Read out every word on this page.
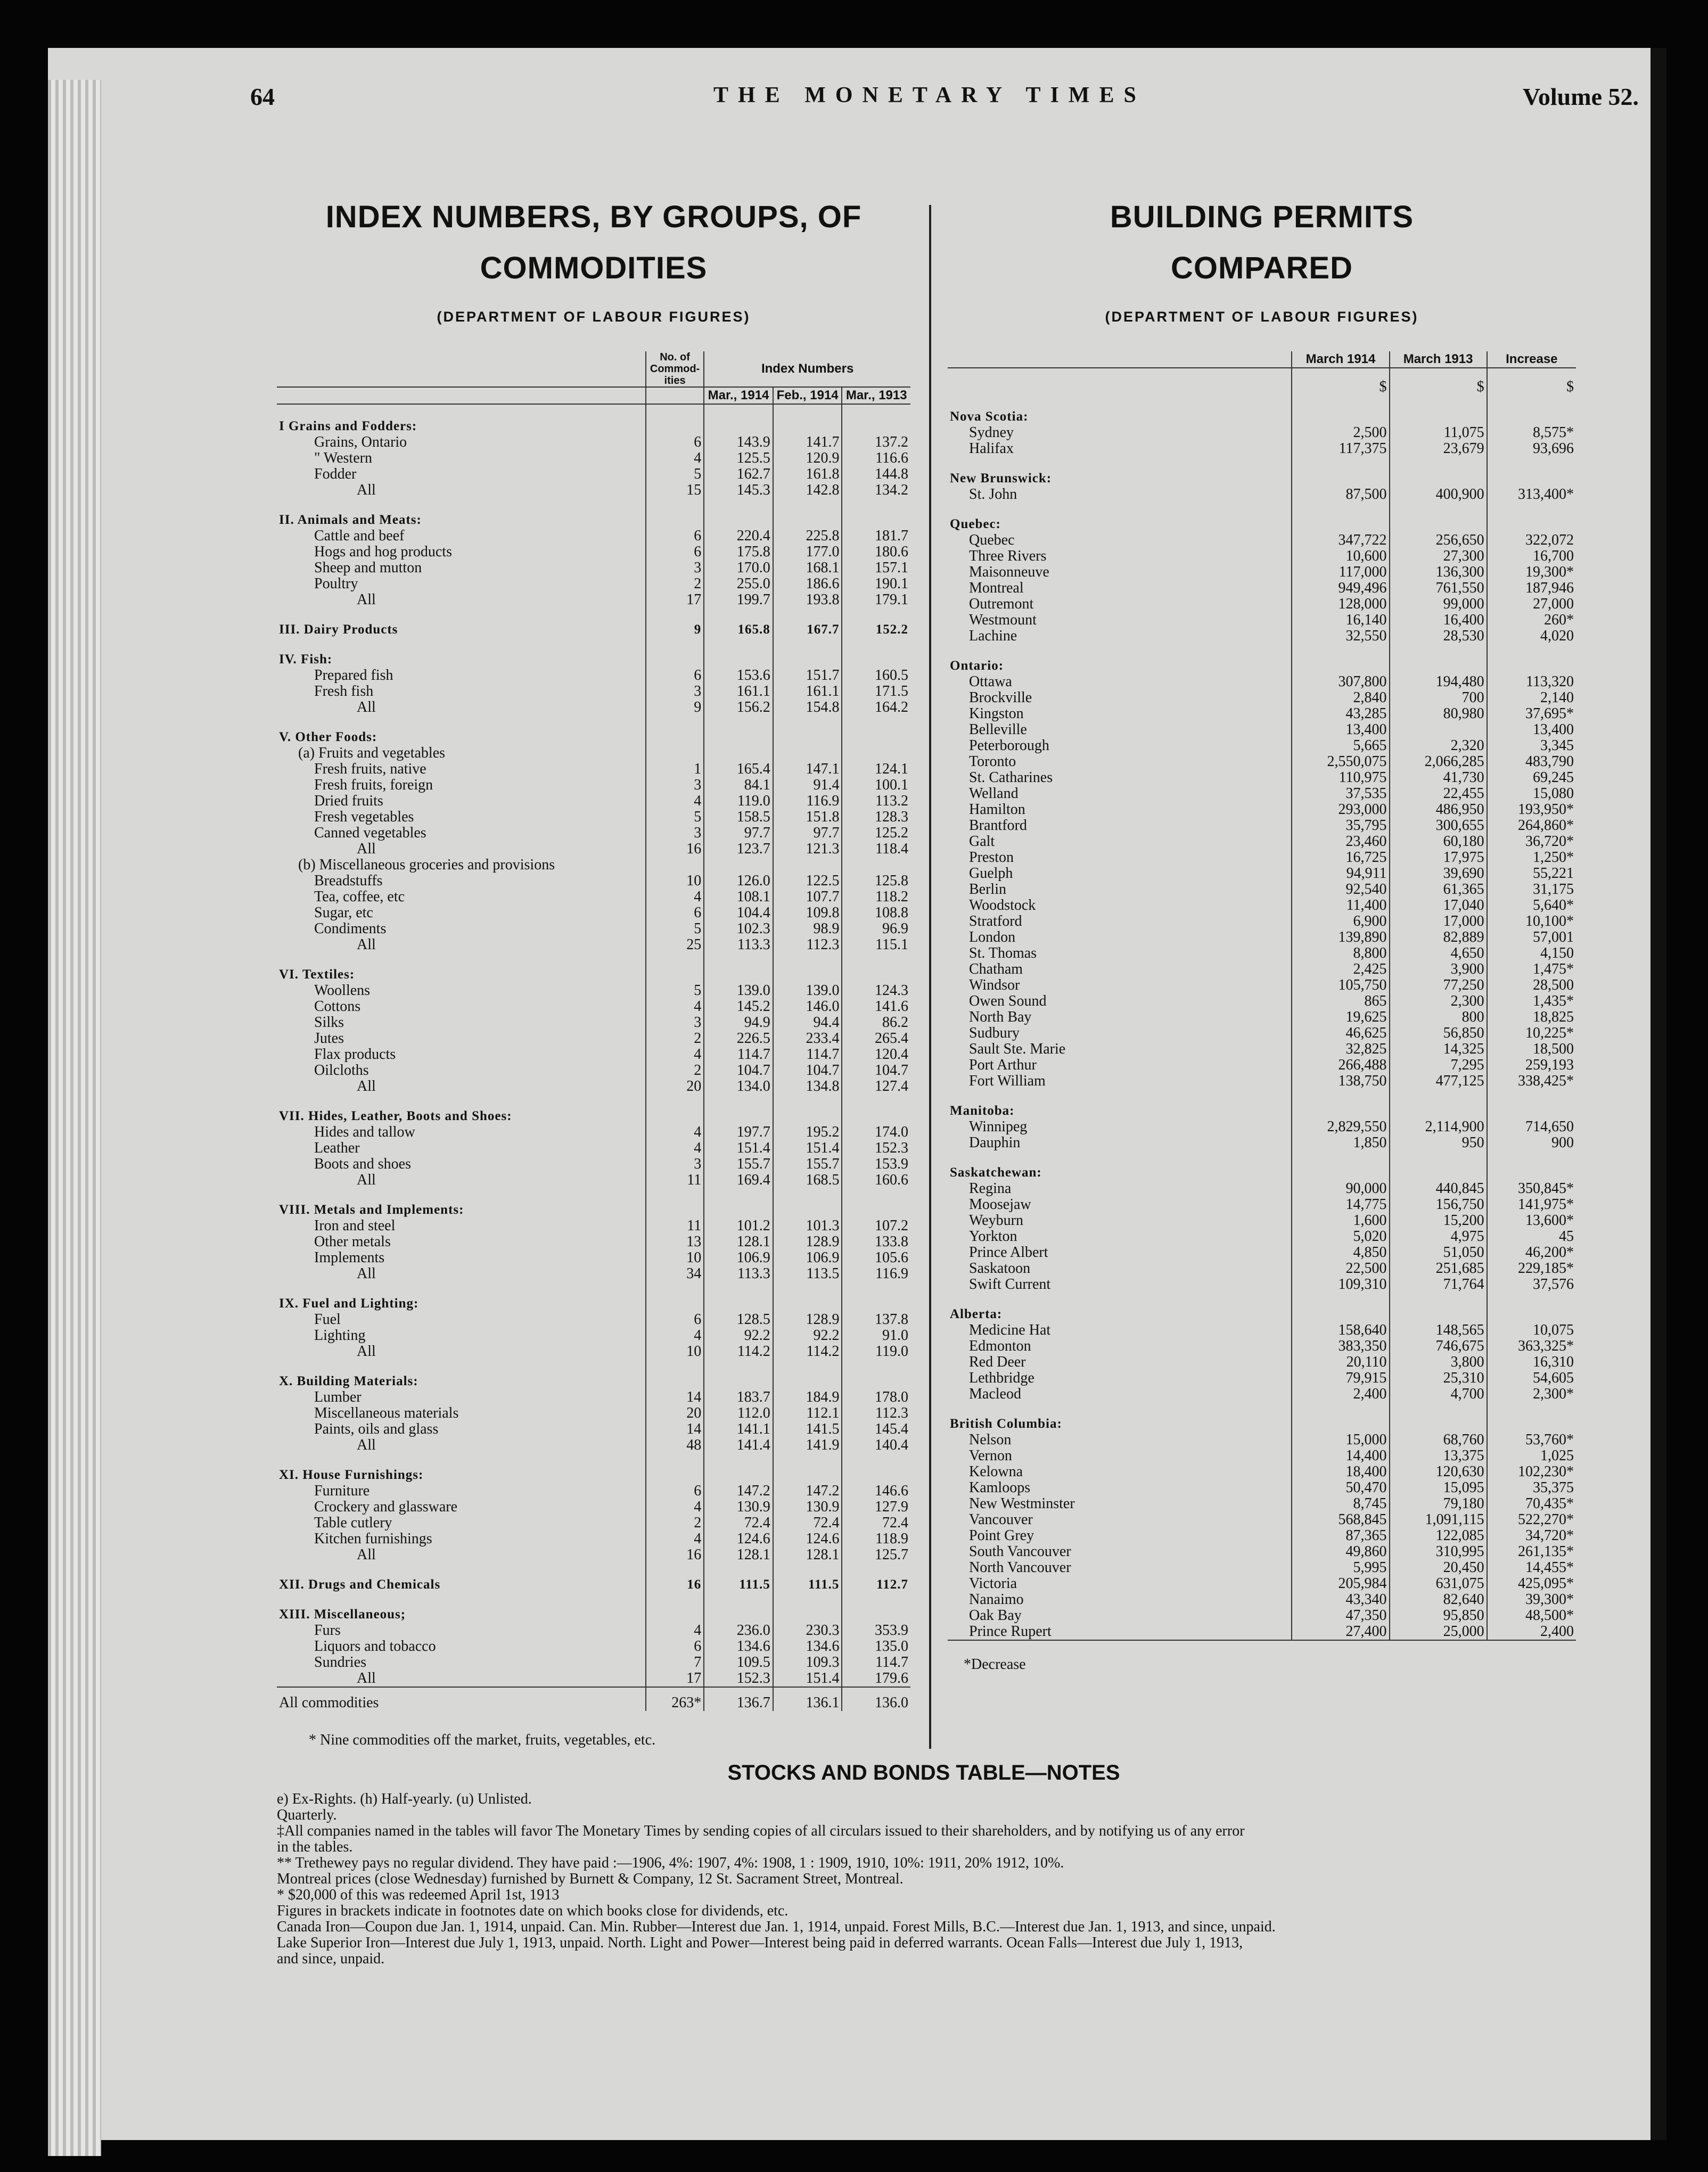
64	THE MONETARY TIMES	Volume 52.
INDEX NUMBERS, BY GROUPS, OF
COMMODITIES
(DEPARTMENT OF LABOUR FIGURES)
	No. of Commod-ities	Index Numbers		
		Mar., 1914	Feb., 1914	Mar., 1913
I Grains and Fodders:				
Grains, Ontario	6	143.9	141.7	137.2
" Western	4	125.5	120.9	116.6
Fodder	5	162.7	161.8	144.8
All	15	145.3	142.8	134.2
II. Animals and Meats:				
Cattle and beef	6	220.4	225.8	181.7
Hogs and hog products	6	175.8	177.0	180.6
Sheep and mutton	3	170.0	168.1	157.1
Poultry	2	255.0	186.6	190.1
All	17	199.7	193.8	179.1
III. Dairy Products	9	165.8	167.7	152.2
IV. Fish:				
Prepared fish	6	153.6	151.7	160.5
Fresh fish	3	161.1	161.1	171.5
All	9	156.2	154.8	164.2
V. Other Foods:				
(a) Fruits and vegetables				
Fresh fruits, native	1	165.4	147.1	124.1
Fresh fruits, foreign	3	84.1	91.4	100.1
Dried fruits	4	119.0	116.9	113.2
Fresh vegetables	5	158.5	151.8	128.3
Canned vegetables	3	97.7	97.7	125.2
All	16	123.7	121.3	118.4
(b) Miscellaneous groceries and provisions				
Breadstuffs	10	126.0	122.5	125.8
Tea, coffee, etc	4	108.1	107.7	118.2
Sugar, etc	6	104.4	109.8	108.8
Condiments	5	102.3	98.9	96.9
All	25	113.3	112.3	115.1
VI. Textiles:				
Woollens	5	139.0	139.0	124.3
Cottons	4	145.2	146.0	141.6
Silks	3	94.9	94.4	86.2
Jutes	2	226.5	233.4	265.4
Flax products	4	114.7	114.7	120.4
Oilcloths	2	104.7	104.7	104.7
All	20	134.0	134.8	127.4
VII. Hides, Leather, Boots and Shoes:				
Hides and tallow	4	197.7	195.2	174.0
Leather	4	151.4	151.4	152.3
Boots and shoes	3	155.7	155.7	153.9
All	11	169.4	168.5	160.6
VIII. Metals and Implements:				
Iron and steel	11	101.2	101.3	107.2
Other metals	13	128.1	128.9	133.8
Implements	10	106.9	106.9	105.6
All	34	113.3	113.5	116.9
IX. Fuel and Lighting:				
Fuel	6	128.5	128.9	137.8
Lighting	4	92.2	92.2	91.0
All	10	114.2	114.2	119.0
X. Building Materials:				
Lumber	14	183.7	184.9	178.0
Miscellaneous materials	20	112.0	112.1	112.3
Paints, oils and glass	14	141.1	141.5	145.4
All	48	141.4	141.9	140.4
XI. House Furnishings:				
Furniture	6	147.2	147.2	146.6
Crockery and glassware	4	130.9	130.9	127.9
Table cutlery	2	72.4	72.4	72.4
Kitchen furnishings	4	124.6	124.6	118.9
All	16	128.1	128.1	125.7
XII. Drugs and Chemicals	16	111.5	111.5	112.7
XIII. Miscellaneous;				
Furs	4	236.0	230.3	353.9
Liquors and tobacco	6	134.6	134.6	135.0
Sundries	7	109.5	109.3	114.7
All	17	152.3	151.4	179.6
All commodities	263*	136.7	136.1	136.0
* Nine commodities off the market, fruits, vegetables, etc.				
BUILDING PERMITS
COMPARED
(DEPARTMENT OF LABOUR FIGURES)
	March 1914	March 1913	Increase
	$	$	$
Nova Scotia:			
Sydney	2,500	11,075	8,575*
Halifax	117,375	23,679	93,696
New Brunswick:			
St. John	87,500	400,900	313,400*
Quebec:			
Quebec	347,722	256,650	322,072
Three Rivers	10,600	27,300	16,700
Maisonneuve	117,000	136,300	19,300*
Montreal	949,496	761,550	187,946
Outremont	128,000	99,000	27,000
Westmount	16,140	16,400	260*
Lachine	32,550	28,530	4,020
Ontario:			
Ottawa	307,800	194,480	113,320
Brockville	2,840	700	2,140
Kingston	43,285	80,980	37,695*
Belleville	13,400		13,400
Peterborough	5,665	2,320	3,345
Toronto	2,550,075	2,066,285	483,790
St. Catharines	110,975	41,730	69,245
Welland	37,535	22,455	15,080
Hamilton	293,000	486,950	193,950*
Brantford	35,795	300,655	264,860*
Galt	23,460	60,180	36,720*
Preston	16,725	17,975	1,250*
Guelph	94,911	39,690	55,221
Berlin	92,540	61,365	31,175
Woodstock	11,400	17,040	5,640*
Stratford	6,900	17,000	10,100*
London	139,890	82,889	57,001
St. Thomas	8,800	4,650	4,150
Chatham	2,425	3,900	1,475*
Windsor	105,750	77,250	28,500
Owen Sound	865	2,300	1,435*
North Bay	19,625	800	18,825
Sudbury	46,625	56,850	10,225*
Sault Ste. Marie	32,825	14,325	18,500
Port Arthur	266,488	7,295	259,193
Fort William	138,750	477,125	338,425*
Manitoba:			
Winnipeg	2,829,550	2,114,900	714,650
Dauphin	1,850	950	900
Saskatchewan:			
Regina	90,000	440,845	350,845*
Moosejaw	14,775	156,750	141,975*
Weyburn	1,600	15,200	13,600*
Yorkton	5,020	4,975	45
Prince Albert	4,850	51,050	46,200*
Saskatoon	22,500	251,685	229,185*
Swift Current	109,310	71,764	37,576
Alberta:			
Medicine Hat	158,640	148,565	10,075
Edmonton	383,350	746,675	363,325*
Red Deer	20,110	3,800	16,310
Lethbridge	79,915	25,310	54,605
Macleod	2,400	4,700	2,300*
British Columbia:			
Nelson	15,000	68,760	53,760*
Vernon	14,400	13,375	1,025
Kelowna	18,400	120,630	102,230*
Kamloops	50,470	15,095	35,375
New Westminster	8,745	79,180	70,435*
Vancouver	568,845	1,091,115	522,270*
Point Grey	87,365	122,085	34,720*
South Vancouver	49,860	310,995	261,135*
North Vancouver	5,995	20,450	14,455*
Victoria	205,984	631,075	425,095*
Nanaimo	43,340	82,640	39,300*
Oak Bay	47,350	95,850	48,500*
Prince Rupert	27,400	25,000	2,400
*Decrease			
STOCKS AND BONDS TABLE—NOTES

e) Ex-Rights. (h) Half-yearly. (u) Unlisted.

Quarterly.

‡All companies named in the tables will favor The Monetary Times by sending copies of all circulars issued to their shareholders, and by notifying us of any error

in the tables.

** Trethewey pays no regular dividend. They have paid :—1906, 4%: 1907, 4%: 1908, 1 : 1909, 1910, 10%: 1911, 20% 1912, 10%.

Montreal prices (close Wednesday) furnished by Burnett & Company, 12 St. Sacrament Street, Montreal.

* $20,000 of this was redeemed April 1st, 1913

Figures in brackets indicate in footnotes date on which books close for dividends, etc.

Canada Iron—Coupon due Jan. 1, 1914, unpaid. Can. Min. Rubber—Interest due Jan. 1, 1914, unpaid. Forest Mills, B.C.—Interest due Jan. 1, 1913, and since, unpaid.

Lake Superior Iron—Interest due July 1, 1913, unpaid. North. Light and Power—Interest being paid in deferred warrants. Ocean Falls—Interest due July 1, 1913,

and since, unpaid.
